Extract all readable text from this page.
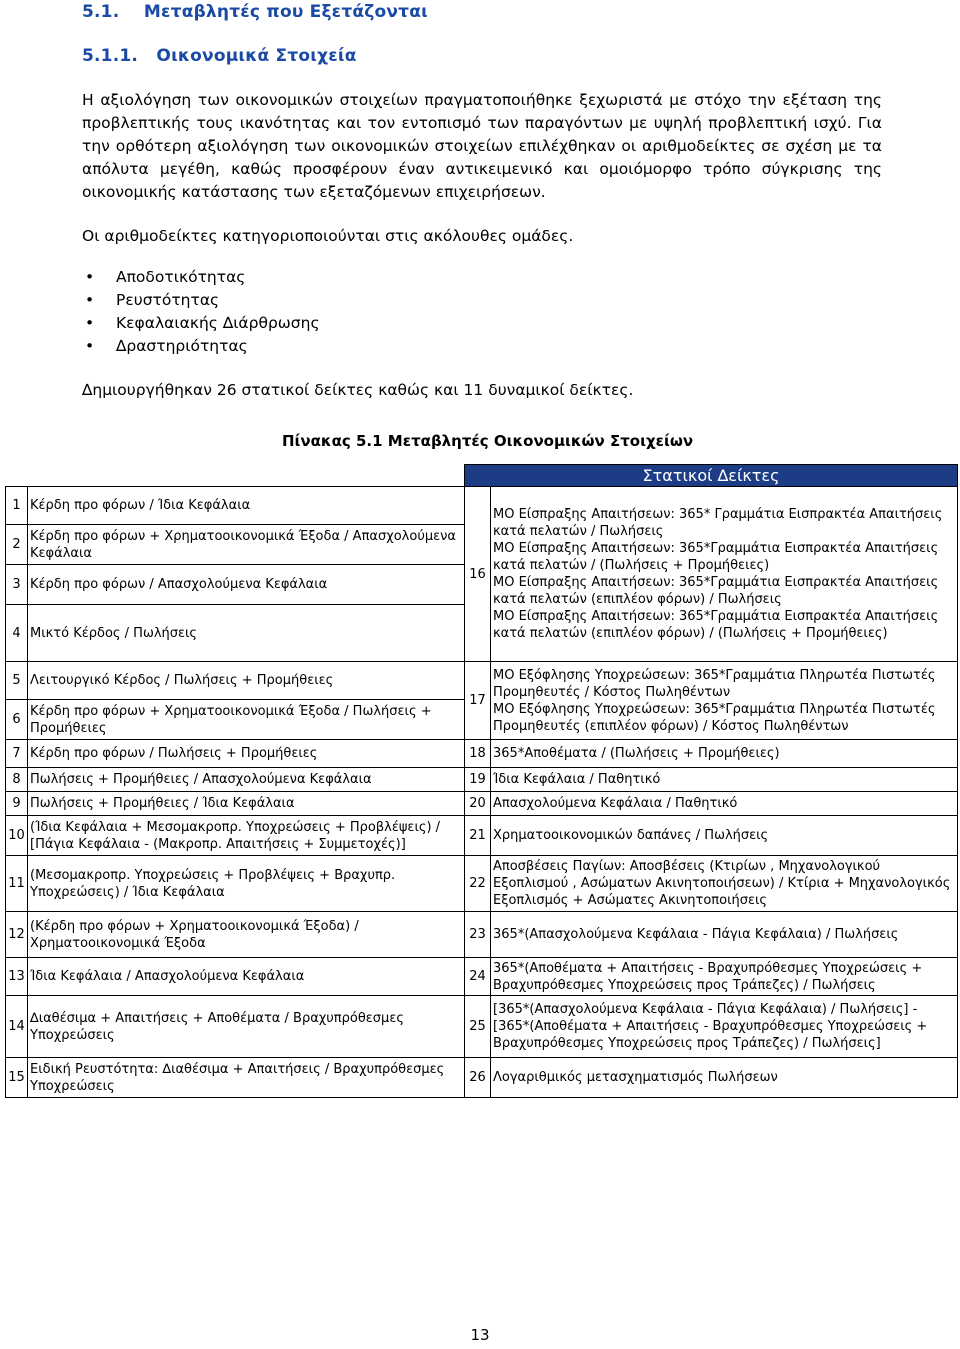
5.1. Μεταβλητές που Εξετάζονται
5.1.1. Οικονοµικά Στοιχεία

Η αξιολόγηση των οικονοµικών στοιχείων πραγµατοποιήθηκε ξεχωριστά µε στόχο την εξέταση της προβλεπτικής τους ικανότητας και τον εντοπισµό των παραγόντων µε υψηλή προβλεπτική ισχύ. Για την ορθότερη αξιολόγηση των οικονοµικών στοιχείων επιλέχθηκαν οι αριθµοδείκτες σε σχέση µε τα απόλυτα µεγέθη, καθώς προσφέρουν έναν αντικειµενικό και οµοιόµορφο τρόπο σύγκρισης της οικονοµικής κατάστασης των εξεταζόµενων επιχειρήσεων.

Οι αριθµοδείκτες κατηγοριοποιούνται στις ακόλουθες οµάδες.

• Αποδοτικότητας
• Ρευστότητας
• Κεφαλαιακής ∆ιάρθρωσης
• ∆ραστηριότητας

∆ηµιουργήθηκαν 26 στατικοί δείκτες καθώς και 11 δυναµικοί δείκτες.

Πίνακας 5.1 Μεταβλητές Οικονοµικών Στοιχείων
		Στατικοί ∆είκτες	
1	Κέρδη προ φόρων / Ίδια Κεφάλαια	16	ΜΟ Είσπραξης Απαιτήσεων: 365* Γραµµάτια Εισπρακτέα Απαιτήσεις κατά πελατών / Πωλήσεις
ΜΟ Είσπραξης Απαιτήσεων: 365*Γραµµάτια Εισπρακτέα Απαιτήσεις κατά πελατών / (Πωλήσεις + Προµήθειες)
ΜΟ Είσπραξης Απαιτήσεων: 365*Γραµµάτια Εισπρακτέα Απαιτήσεις κατά πελατών (επιπλέον φόρων) / Πωλήσεις
ΜΟ Είσπραξης Απαιτήσεων: 365*Γραµµάτια Εισπρακτέα Απαιτήσεις κατά πελατών (επιπλέον φόρων) / (Πωλήσεις + Προµήθειες)

2	Κέρδη προ φόρων + Χρηµατοοικονοµικά Έξοδα / Απασχολούµενα Κεφάλαια		
3	Κέρδη προ φόρων / Απασχολούµενα Κεφάλαια		
4	Μικτό Κέρδος / Πωλήσεις		
5	Λειτουργικό Κέρδος / Πωλήσεις + Προµήθειες	17	ΜΟ Εξόφλησης Υποχρεώσεων: 365*Γραµµάτια Πληρωτέα Πιστωτές Προµηθευτές / Κόστος Πωληθέντων
ΜΟ Εξόφλησης Υποχρεώσεων: 365*Γραµµάτια Πληρωτέα Πιστωτές Προµηθευτές (επιπλέον φόρων) / Κόστος Πωληθέντων

6	Κέρδη προ φόρων + Χρηµατοοικονοµικά Έξοδα / Πωλήσεις + Προµήθειες		
7	Κέρδη προ φόρων / Πωλήσεις + Προµήθειες	18	365*Αποθέµατα / (Πωλήσεις + Προµήθειες)
8	Πωλήσεις + Προµήθειες / Απασχολούµενα Κεφάλαια	19	Ίδια Κεφάλαια / Παθητικό
9	Πωλήσεις + Προµήθειες / Ίδια Κεφάλαια	20	Απασχολούµενα Κεφάλαια / Παθητικό
10	(Ίδια Κεφάλαια + Μεσοµακροπρ. Υποχρεώσεις + Προβλέψεις) / [Πάγια Κεφάλαια - (Μακροπρ. Απαιτήσεις + Συµµετοχές)]	21	Χρηµατοοικονοµικών δαπάνες / Πωλήσεις
11	(Μεσοµακροπρ. Υποχρεώσεις + Προβλέψεις + Βραχυπρ. Υποχρεώσεις) / Ίδια Κεφάλαια	22	Αποσβέσεις Παγίων: Αποσβέσεις (Κτιρίων , Μηχανολογικού Εξοπλισµού , Ασώµατων Ακινητοποιήσεων) / Κτίρια + Μηχανολογικός Εξοπλισµός + Ασώµατες Ακινητοποιήσεις
12	(Κέρδη προ φόρων + Χρηµατοοικονοµικά Έξοδα) / Χρηµατοοικονοµικά Έξοδα	23	365*(Απασχολούµενα Κεφάλαια - Πάγια Κεφάλαια) / Πωλήσεις
13	Ίδια Κεφάλαια / Απασχολούµενα Κεφάλαια	24	365*(Αποθέµατα + Απαιτήσεις - Βραχυπρόθεσµες Υποχρεώσεις + Βραχυπρόθεσµες Υποχρεώσεις προς Τράπεζες) / Πωλήσεις
14	∆ιαθέσιµα + Απαιτήσεις + Αποθέµατα / Βραχυπρόθεσµες Υποχρεώσεις	25	[365*(Απασχολούµενα Κεφάλαια - Πάγια Κεφάλαια) / Πωλήσεις] - [365*(Αποθέµατα + Απαιτήσεις - Βραχυπρόθεσµες Υποχρεώσεις + Βραχυπρόθεσµες Υποχρεώσεις προς Τράπεζες) / Πωλήσεις]
15	Ειδική Ρευστότητα: ∆ιαθέσιµα + Απαιτήσεις / Βραχυπρόθεσµες Υποχρεώσεις	26	Λογαριθµικός µετασχηµατισµός Πωλήσεων
13
